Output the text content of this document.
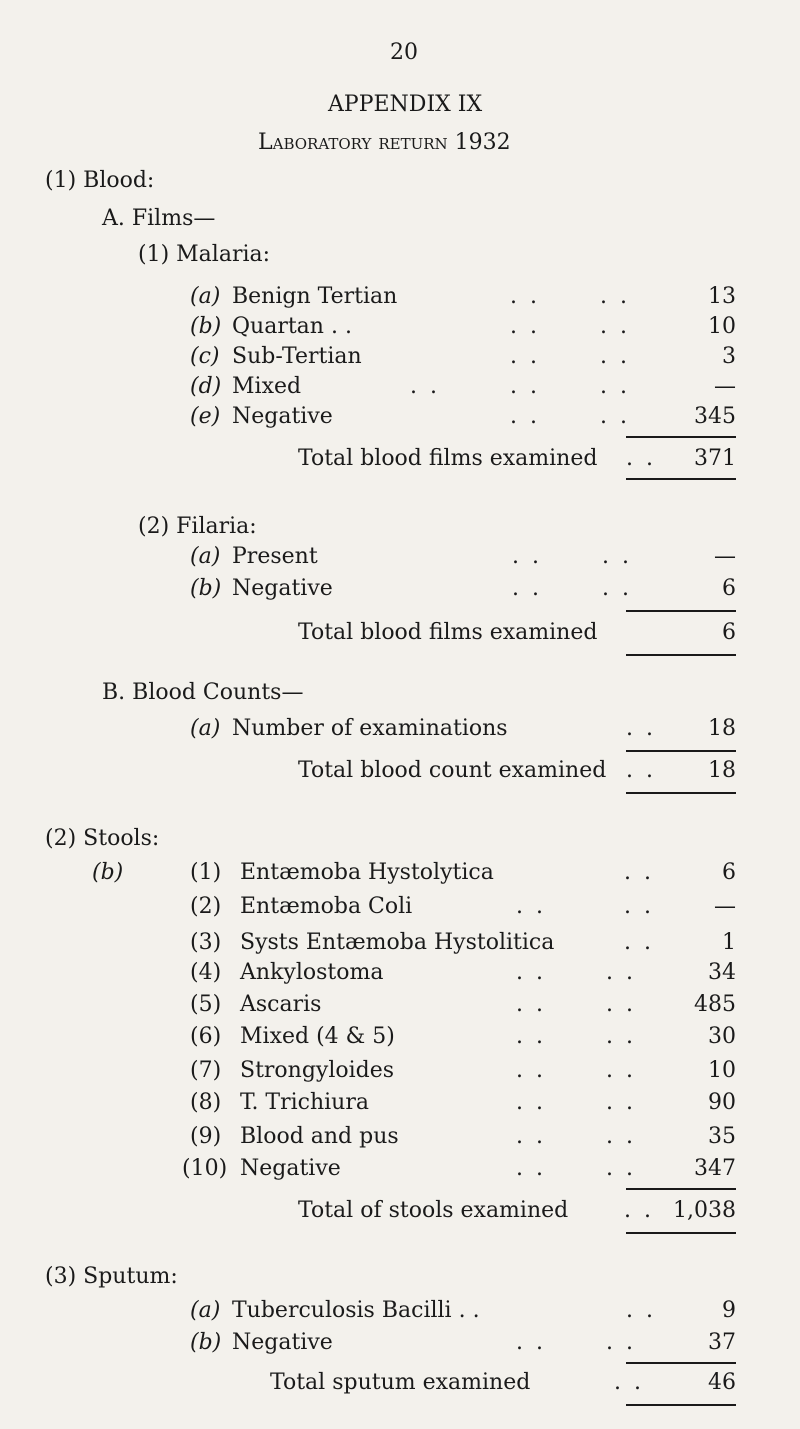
20
APPENDIX IX
Laboratory return 1932
(1) Blood:
A. Films—
(1) Malaria:
(a) Benign Tertian	. .	. .	13
(b) Quartan . .	. .	. .	10
(c) Sub-Tertian	. .	. .	3
(d) Mixed	. .	. .	. .	—
(e) Negative	. .	. .	345
Total blood films examined . . 371
(2) Filaria:
(a) Present	. .	. .	—
(b) Negative	. .	. .	6
Total blood films examined	6
B. Blood Counts—
(a) Number of examinations	. . 18
Total blood count examined . . 18
(2) Stools:
(b)	(1) Entæmoba Hystolytica	. .	6
(2) Entæmoba Coli	. .	. .	—
(3) Systs Entæmoba Hystolitica	. .	1
(4) Ankylostoma	. .	. .	34
(5) Ascaris	. .	. .	485
(6) Mixed (4 & 5)	. .	. .	30
(7) Strongyloides	. .	. .	10
(8) T. Trichiura	. .	. .	90
(9) Blood and pus	. .	. .	35
(10) Negative	. .	. .	347
Total of stools examined	. . 1,038
(3) Sputum:
(a) Tuberculosis Bacilli . .	. .	9
(b) Negative	. .	. .	37
Total sputum examined	. .	46
